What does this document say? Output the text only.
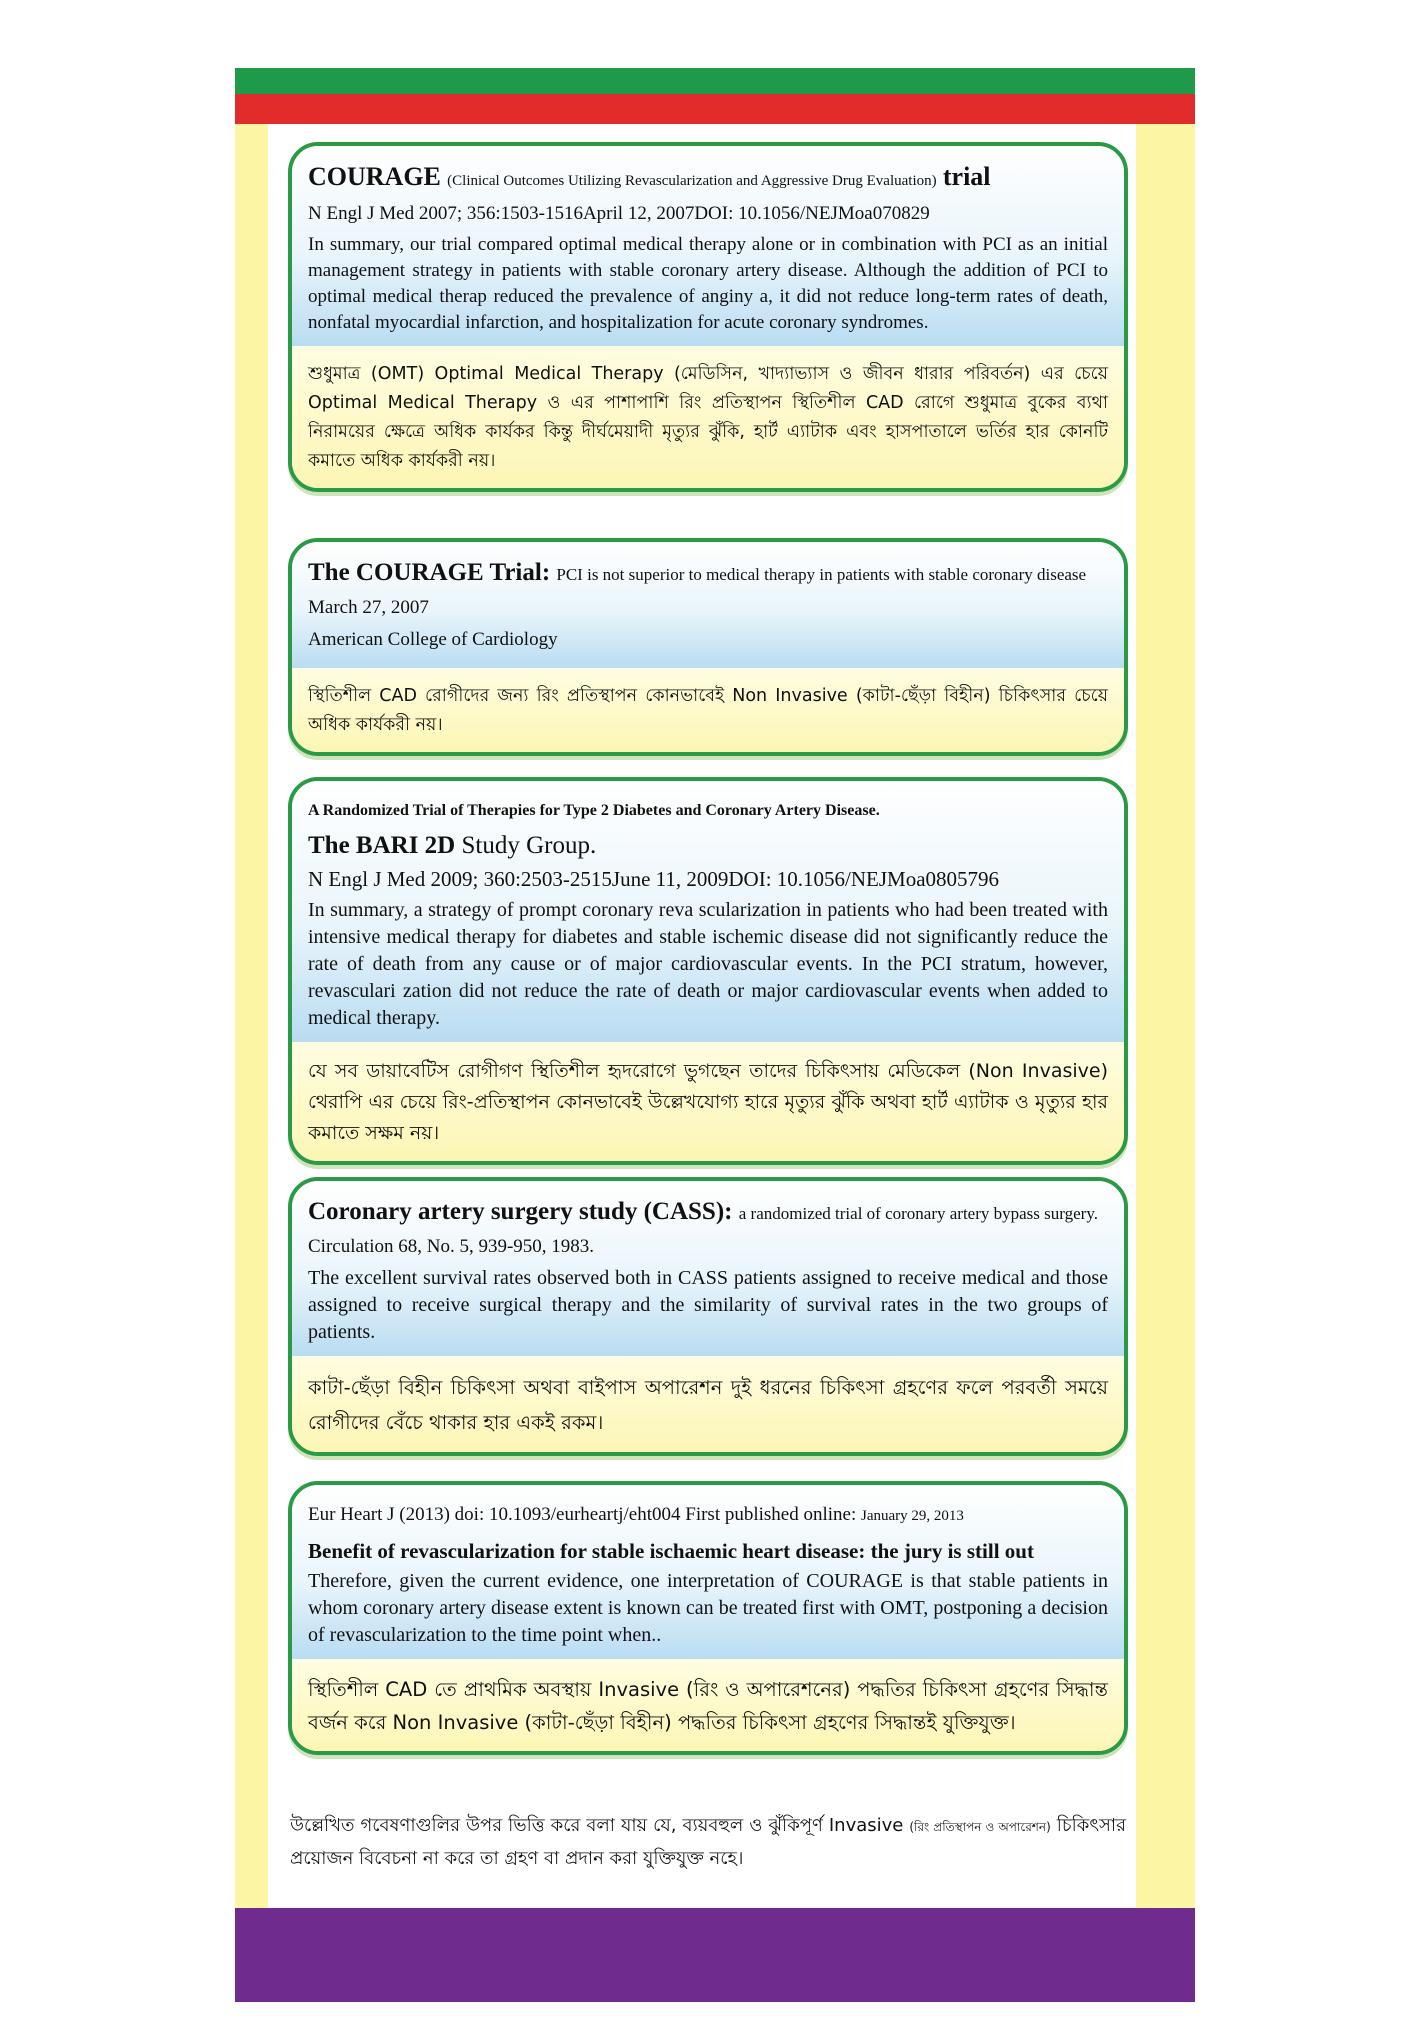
COURAGE (Clinical Outcomes Utilizing Revascularization and Aggressive Drug Evaluation) trial

N Engl J Med 2007; 356:1503-1516April 12, 2007DOI: 10.1056/NEJMoa070829

In summary, our trial compared optimal medical therapy alone or in combination with PCI as an initial management strategy in patients with stable coronary artery disease. Although the addition of PCI to optimal medical therap reduced the prevalence of anginy a, it did not reduce long-term rates of death, nonfatal myocardial infarction, and hospitalization for acute coronary syndromes.

শুধুমাত্র (OMT) Optimal Medical Therapy (মেডিসিন, খাদ্যাভ্যাস ও জীবন ধারার পরিবর্তন) এর চেয়ে Optimal Medical Therapy ও এর পাশাপাশি রিং প্রতিস্থাপন স্থিতিশীল CAD রোগে শুধুমাত্র বুকের ব্যথা নিরাময়ের ক্ষেত্রে অধিক কার্যকর কিন্তু দীর্ঘমেয়াদী মৃত্যুর ঝুঁকি, হার্ট এ্যাটাক এবং হাসপাতালে ভর্তির হার কোনটি কমাতে অধিক কার্যকরী নয়।

The COURAGE Trial: PCI is not superior to medical therapy in patients with stable coronary disease

March 27, 2007

American College of Cardiology

স্থিতিশীল CAD রোগীদের জন্য রিং প্রতিস্থাপন কোনভাবেই Non Invasive (কাটা-ছেঁড়া বিহীন) চিকিৎসার চেয়ে অধিক কার্যকরী নয়।

A Randomized Trial of Therapies for Type 2 Diabetes and Coronary Artery Disease.

The BARI 2D Study Group.

N Engl J Med 2009; 360:2503-2515June 11, 2009DOI: 10.1056/NEJMoa0805796

In summary, a strategy of prompt coronary reva scularization in patients who had been treated with intensive medical therapy for diabetes and stable ischemic disease did not significantly reduce the rate of death from any cause or of major cardiovascular events. In the PCI stratum, however, revasculari zation did not reduce the rate of death or major cardiovascular events when added to medical therapy.

যে সব ডায়াবেটিস রোগীগণ স্থিতিশীল হৃদরোগে ভুগছেন তাদের চিকিৎসায় মেডিকেল (Non Invasive) থেরাপি এর চেয়ে রিং-প্রতিস্থাপন কোনভাবেই উল্লেখযোগ্য হারে মৃত্যুর ঝুঁকি অথবা হার্ট এ্যাটাক ও মৃত্যুর হার কমাতে সক্ষম নয়।

Coronary artery surgery study (CASS): a randomized trial of coronary artery bypass surgery.

Circulation 68, No. 5, 939-950, 1983.

The excellent survival rates observed both in CASS patients assigned to receive medical and those assigned to receive surgical therapy and the similarity of survival rates in the two groups of patients.

কাটা-ছেঁড়া বিহীন চিকিৎসা অথবা বাইপাস অপারেশন দুই ধরনের চিকিৎসা গ্রহণের ফলে পরবর্তী সময়ে রোগীদের বেঁচে থাকার হার একই রকম।

Eur Heart J (2013) doi: 10.1093/eurheartj/eht004 First published online: January 29, 2013

Benefit of revascularization for stable ischaemic heart disease: the jury is still out

Therefore, given the current evidence, one interpretation of COURAGE is that stable patients in whom coronary artery disease extent is known can be treated first with OMT, postponing a decision of revascularization to the time point when..

স্থিতিশীল CAD তে প্রাথমিক অবস্থায় Invasive (রিং ও অপারেশনের) পদ্ধতির চিকিৎসা গ্রহণের সিদ্ধান্ত বর্জন করে Non Invasive (কাটা-ছেঁড়া বিহীন) পদ্ধতির চিকিৎসা গ্রহণের সিদ্ধান্তই যুক্তিযুক্ত।
উল্লেখিত গবেষণাগুলির উপর ভিত্তি করে বলা যায় যে, ব্যয়বহুল ও ঝুঁকিপূর্ণ Invasive (রিং প্রতিস্থাপন ও অপারেশন) চিকিৎসার প্রয়োজন বিবেচনা না করে তা গ্রহণ বা প্রদান করা যুক্তিযুক্ত নহে।
